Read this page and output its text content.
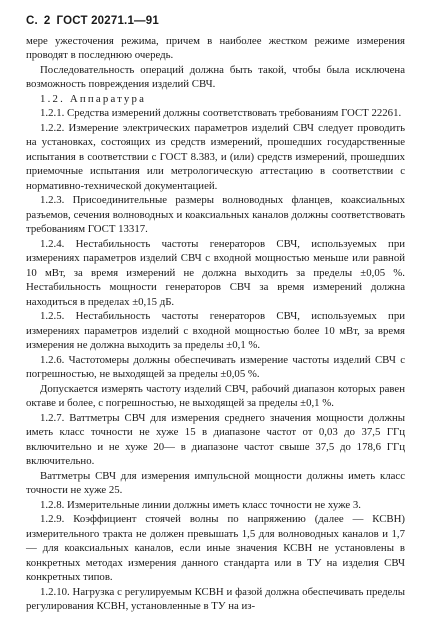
С. 2 ГОСТ 20271.1—91

мере ужесточения режима, причем в наиболее жестком режиме измерения проводят в последнюю очередь.

Последовательность операций должна быть такой, чтобы была исключена возможность повреждения изделий СВЧ.

1.2. Аппаратура

1.2.1. Средства измерений должны соответствовать требованиям ГОСТ 22261.

1.2.2. Измерение электрических параметров изделий СВЧ следует проводить на установках, состоящих из средств измерений, прошедших государственные испытания в соответствии с ГОСТ 8.383, и (или) средств измерений, прошедших приемочные испытания или метрологическую аттестацию в соответствии с нормативно-технической документацией.

1.2.3. Присоединительные размеры волноводных фланцев, коаксиальных разъемов, сечения волноводных и коаксиальных каналов должны соответствовать требованиям ГОСТ 13317.

1.2.4. Нестабильность частоты генераторов СВЧ, используемых при измерениях параметров изделий СВЧ с входной мощностью меньше или равной 10 мВт, за время измерений не должна выходить за пределы ±0,05 %. Нестабильность мощности генераторов СВЧ за время измерений должна находиться в пределах ±0,15 дБ.

1.2.5. Нестабильность частоты генераторов СВЧ, используемых при измерениях параметров изделий с входной мощностью более 10 мВт, за время измерения не должна выходить за пределы ±0,1 %.

1.2.6. Частотомеры должны обеспечивать измерение частоты изделий СВЧ с погрешностью, не выходящей за пределы ±0,05 %.

Допускается измерять частоту изделий СВЧ, рабочий диапазон которых равен октаве и более, с погрешностью, не выходящей за пределы ±0,1 %.

1.2.7. Ваттметры СВЧ для измерения среднего значения мощности должны иметь класс точности не хуже 15 в диапазоне частот от 0,03 до 37,5 ГГц включительно и не хуже 20— в диапазоне частот свыше 37,5 до 178,6 ГГц включительно.

Ваттметры СВЧ для измерения импульсной мощности должны иметь класс точности не хуже 25.

1.2.8. Измерительные линии должны иметь класс точности не хуже 3.

1.2.9. Коэффициент стоячей волны по напряжению (далее — КСВН) измерительного тракта не должен превышать 1,5 для волноводных каналов и 1,7 — для коаксиальных каналов, если иные значения КСВН не установлены в конкретных методах измерения данного стандарта или в ТУ на изделия СВЧ конкретных типов.

1.2.10. Нагрузка с регулируемым КСВН и фазой должна обеспечивать пределы регулирования КСВН, установленные в ТУ на из-
